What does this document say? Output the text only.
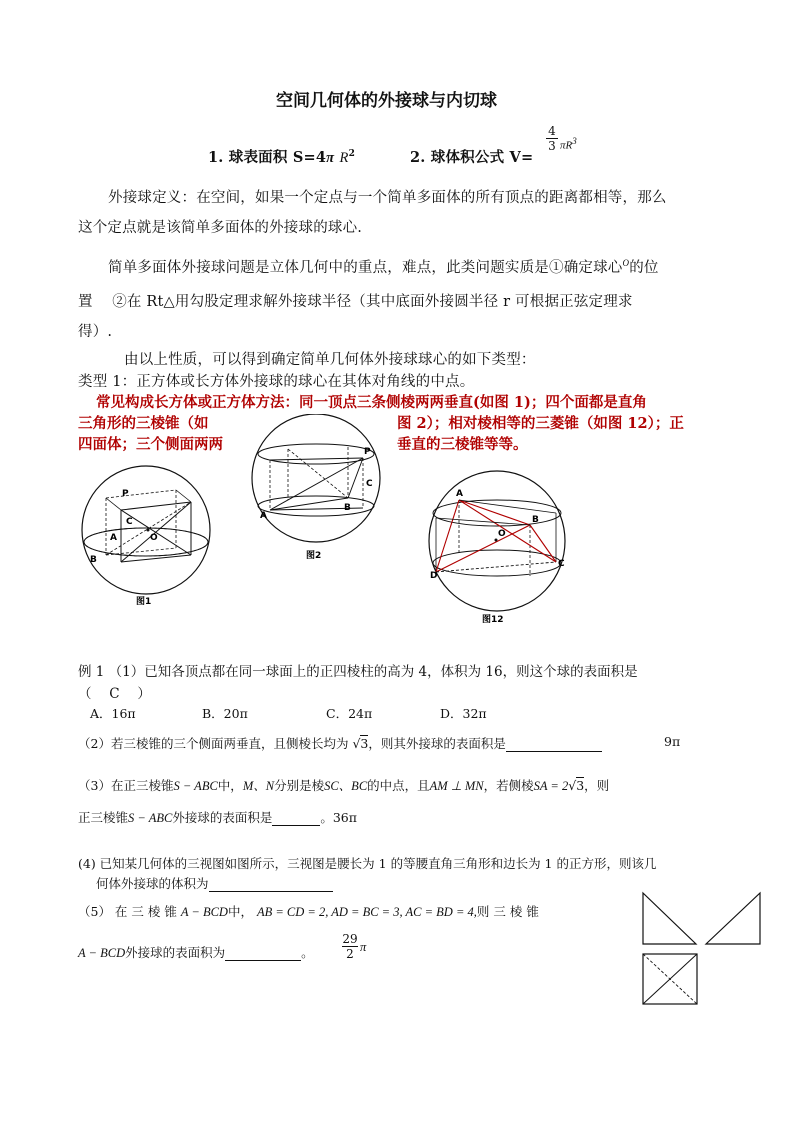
空间几何体的外接球与内切球
1. 球表面积 S=4π $R^2$	2. 球体积公式 V=
$\frac{4}{3} \pi R^3$
外接球定义：在空间，如果一个定点与一个简单多面体的所有顶点的距离都相等，那么
这个定点就是该简单多面体的外接球的球心.
简单多面体外接球问题是立体几何中的重点，难点，此类问题实质是①确定球心$^O$的位
置　 ②在 Rt△用勾股定理求解外接球半径（其中底面外接圆半径 r 可根据正弦定理求
得）.
由以上性质，可以得到确定简单几何体外接球球心的如下类型：
类型 1：正方体或长方体外接球的球心在其体对角线的中点。
常见构成长方体或正方体方法：同一顶点三条侧棱两两垂直(如图 1)；四个面都是直角
三角形的三棱锥（如	图 2）；相对棱相等的三菱锥（如图 12）；正
四面体；三个侧面两两	垂直的三棱锥等等。
P
A
B
C
O
图1
P
A
B
C
图2
A
B
C
D
O
图12
例 1 （1）已知各顶点都在同一球面上的正四棱柱的高为 4，体积为 16，则这个球的表面积是
（　 C　 ）
A．16π	B．20π	C．24π	D．32π
（2）若三棱锥的三个侧面两垂直，且侧棱长均为 √3，则其外接球的表面积是	9π
（3）在正三棱锥S − ABC中，M、N分别是棱SC、BC的中点，且AM ⊥ MN，若侧棱SA = 2√3，则
正三棱锥S − ABC外接球的表面积是	。36π
(4) 已知某几何体的三视图如图所示，三视图是腰长为 1 的等腰直角三角形和边长为 1 的正方形，则该几
何体外接球的体积为
（5） 在 三 棱 锥 A − BCD中， AB = CD = 2, AD = BC = 3, AC = BD = 4,则 三 棱 锥
A − BCD外接球的表面积为	。 $\frac{29}{2}$ π
